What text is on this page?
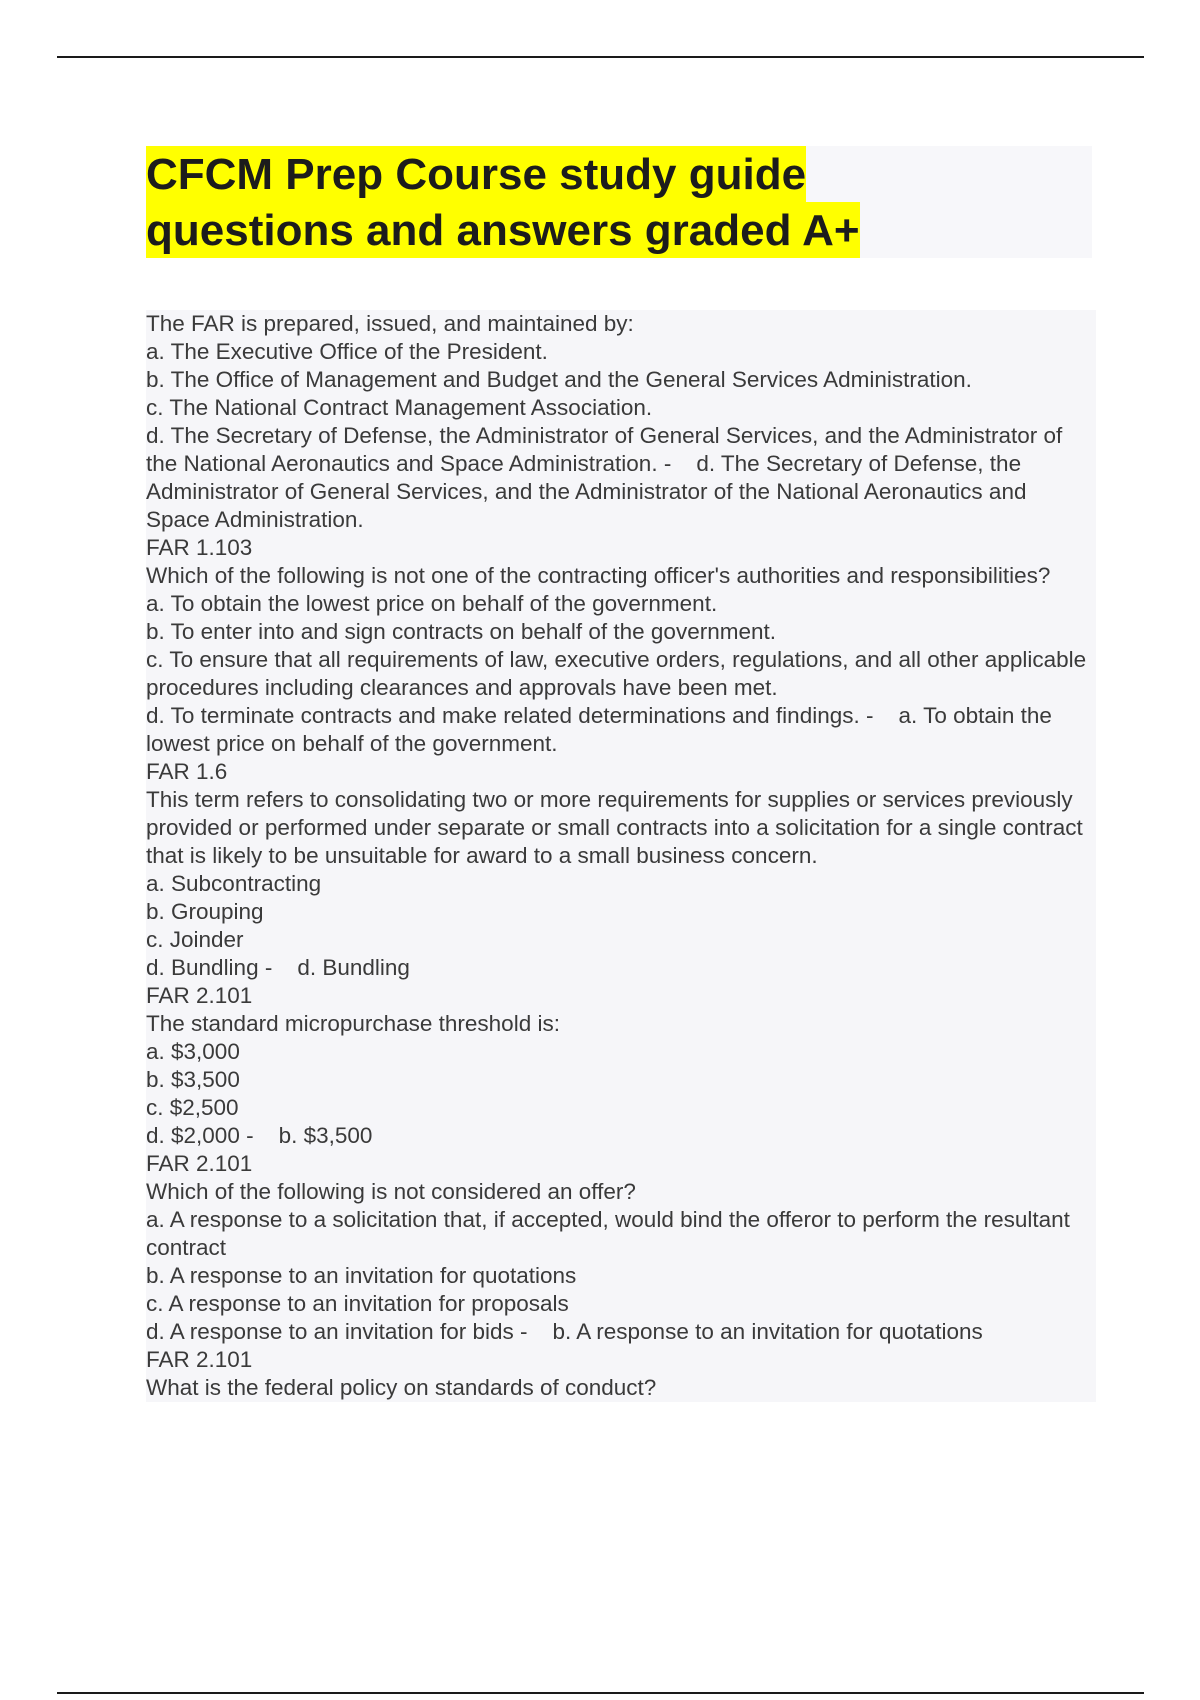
CFCM Prep Course study guide
questions and answers graded A+
The FAR is prepared, issued, and maintained by:
a. The Executive Office of the President.
b. The Office of Management and Budget and the General Services Administration.
c. The National Contract Management Association.
d. The Secretary of Defense, the Administrator of General Services, and the Administrator of the National Aeronautics and Space Administration. -    d. The Secretary of Defense, the Administrator of General Services, and the Administrator of the National Aeronautics and Space Administration.
FAR 1.103
Which of the following is not one of the contracting officer's authorities and responsibilities?
a. To obtain the lowest price on behalf of the government.
b. To enter into and sign contracts on behalf of the government.
c. To ensure that all requirements of law, executive orders, regulations, and all other applicable procedures including clearances and approvals have been met.
d. To terminate contracts and make related determinations and findings. -    a. To obtain the lowest price on behalf of the government.
FAR 1.6
This term refers to consolidating two or more requirements for supplies or services previously provided or performed under separate or small contracts into a solicitation for a single contract that is likely to be unsuitable for award to a small business concern.
a. Subcontracting
b. Grouping
c. Joinder
d. Bundling -    d. Bundling
FAR 2.101
The standard micropurchase threshold is:
a. $3,000
b. $3,500
c. $2,500
d. $2,000 -    b. $3,500
FAR 2.101
Which of the following is not considered an offer?
a. A response to a solicitation that, if accepted, would bind the offeror to perform the resultant contract
b. A response to an invitation for quotations
c. A response to an invitation for proposals
d. A response to an invitation for bids -    b. A response to an invitation for quotations
FAR 2.101
What is the federal policy on standards of conduct?
